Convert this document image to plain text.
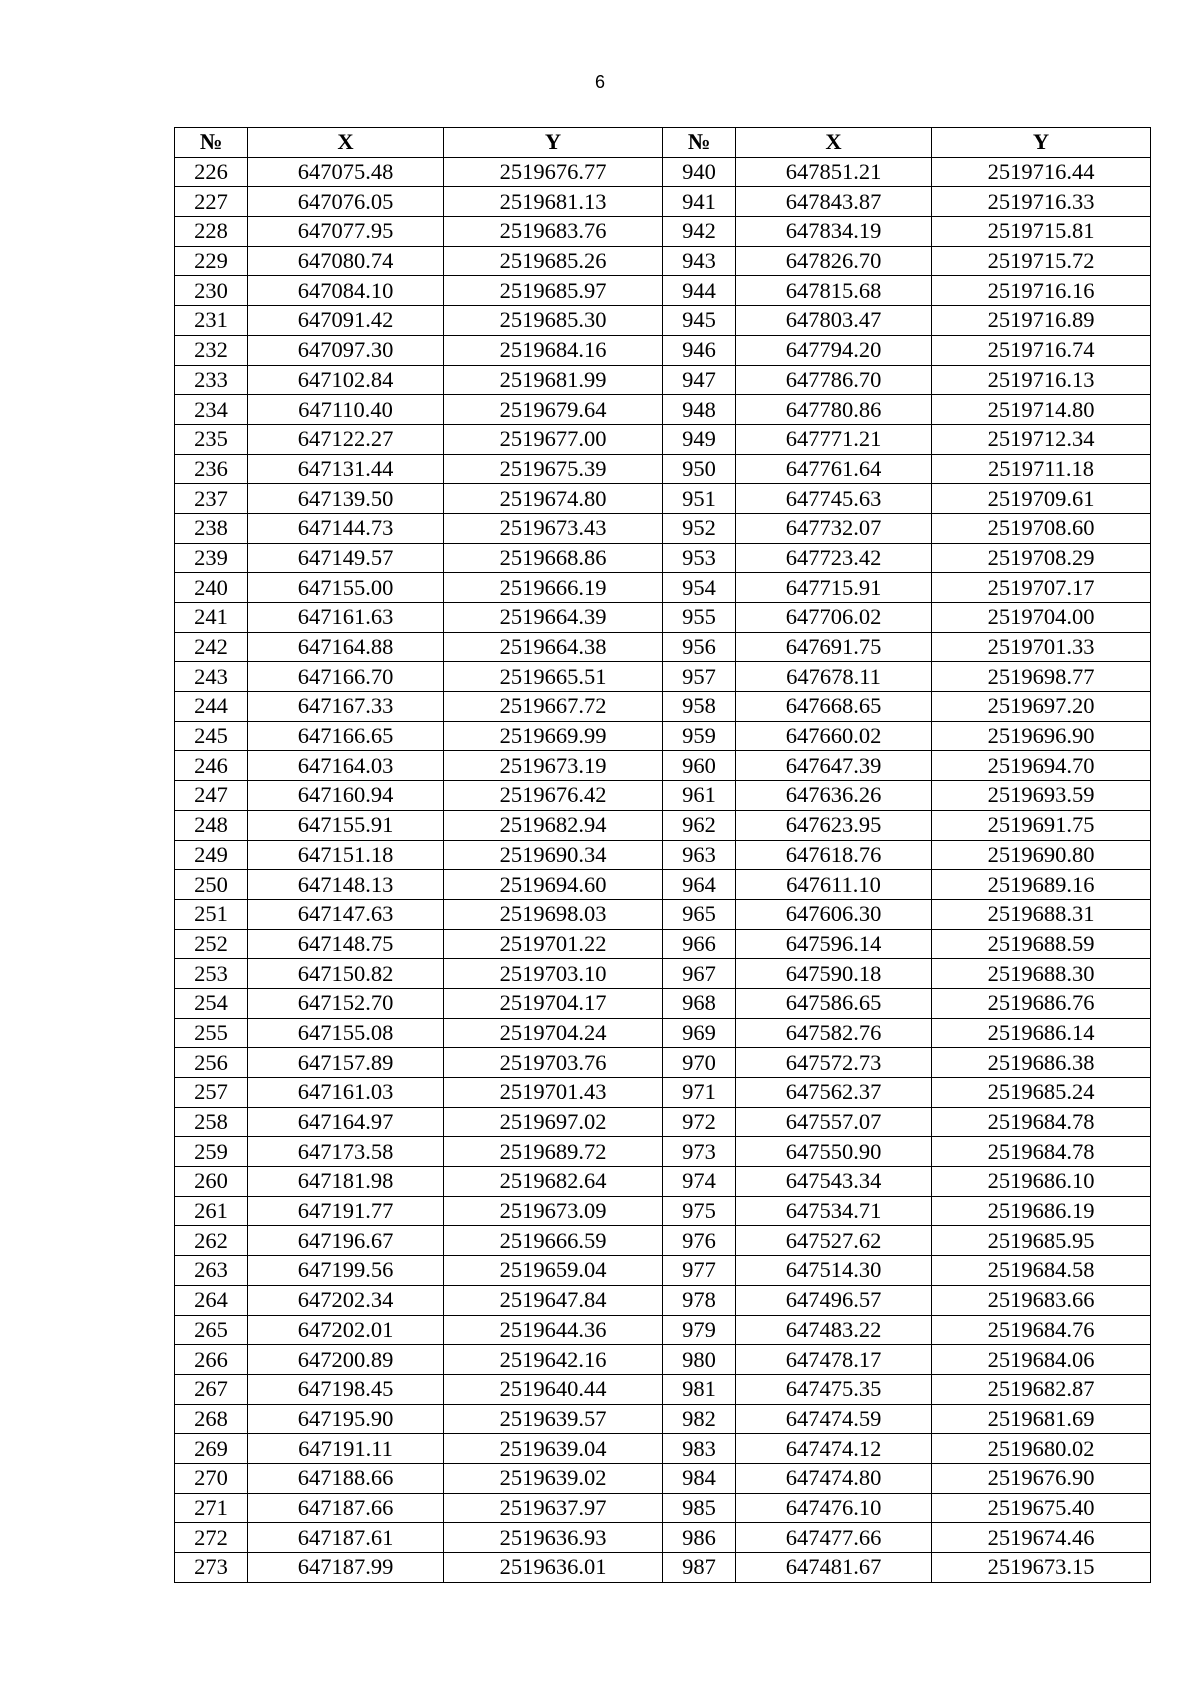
6
№	X	Y	№	X	Y
226	647075.48	2519676.77	940	647851.21	2519716.44
227	647076.05	2519681.13	941	647843.87	2519716.33
228	647077.95	2519683.76	942	647834.19	2519715.81
229	647080.74	2519685.26	943	647826.70	2519715.72
230	647084.10	2519685.97	944	647815.68	2519716.16
231	647091.42	2519685.30	945	647803.47	2519716.89
232	647097.30	2519684.16	946	647794.20	2519716.74
233	647102.84	2519681.99	947	647786.70	2519716.13
234	647110.40	2519679.64	948	647780.86	2519714.80
235	647122.27	2519677.00	949	647771.21	2519712.34
236	647131.44	2519675.39	950	647761.64	2519711.18
237	647139.50	2519674.80	951	647745.63	2519709.61
238	647144.73	2519673.43	952	647732.07	2519708.60
239	647149.57	2519668.86	953	647723.42	2519708.29
240	647155.00	2519666.19	954	647715.91	2519707.17
241	647161.63	2519664.39	955	647706.02	2519704.00
242	647164.88	2519664.38	956	647691.75	2519701.33
243	647166.70	2519665.51	957	647678.11	2519698.77
244	647167.33	2519667.72	958	647668.65	2519697.20
245	647166.65	2519669.99	959	647660.02	2519696.90
246	647164.03	2519673.19	960	647647.39	2519694.70
247	647160.94	2519676.42	961	647636.26	2519693.59
248	647155.91	2519682.94	962	647623.95	2519691.75
249	647151.18	2519690.34	963	647618.76	2519690.80
250	647148.13	2519694.60	964	647611.10	2519689.16
251	647147.63	2519698.03	965	647606.30	2519688.31
252	647148.75	2519701.22	966	647596.14	2519688.59
253	647150.82	2519703.10	967	647590.18	2519688.30
254	647152.70	2519704.17	968	647586.65	2519686.76
255	647155.08	2519704.24	969	647582.76	2519686.14
256	647157.89	2519703.76	970	647572.73	2519686.38
257	647161.03	2519701.43	971	647562.37	2519685.24
258	647164.97	2519697.02	972	647557.07	2519684.78
259	647173.58	2519689.72	973	647550.90	2519684.78
260	647181.98	2519682.64	974	647543.34	2519686.10
261	647191.77	2519673.09	975	647534.71	2519686.19
262	647196.67	2519666.59	976	647527.62	2519685.95
263	647199.56	2519659.04	977	647514.30	2519684.58
264	647202.34	2519647.84	978	647496.57	2519683.66
265	647202.01	2519644.36	979	647483.22	2519684.76
266	647200.89	2519642.16	980	647478.17	2519684.06
267	647198.45	2519640.44	981	647475.35	2519682.87
268	647195.90	2519639.57	982	647474.59	2519681.69
269	647191.11	2519639.04	983	647474.12	2519680.02
270	647188.66	2519639.02	984	647474.80	2519676.90
271	647187.66	2519637.97	985	647476.10	2519675.40
272	647187.61	2519636.93	986	647477.66	2519674.46
273	647187.99	2519636.01	987	647481.67	2519673.15
